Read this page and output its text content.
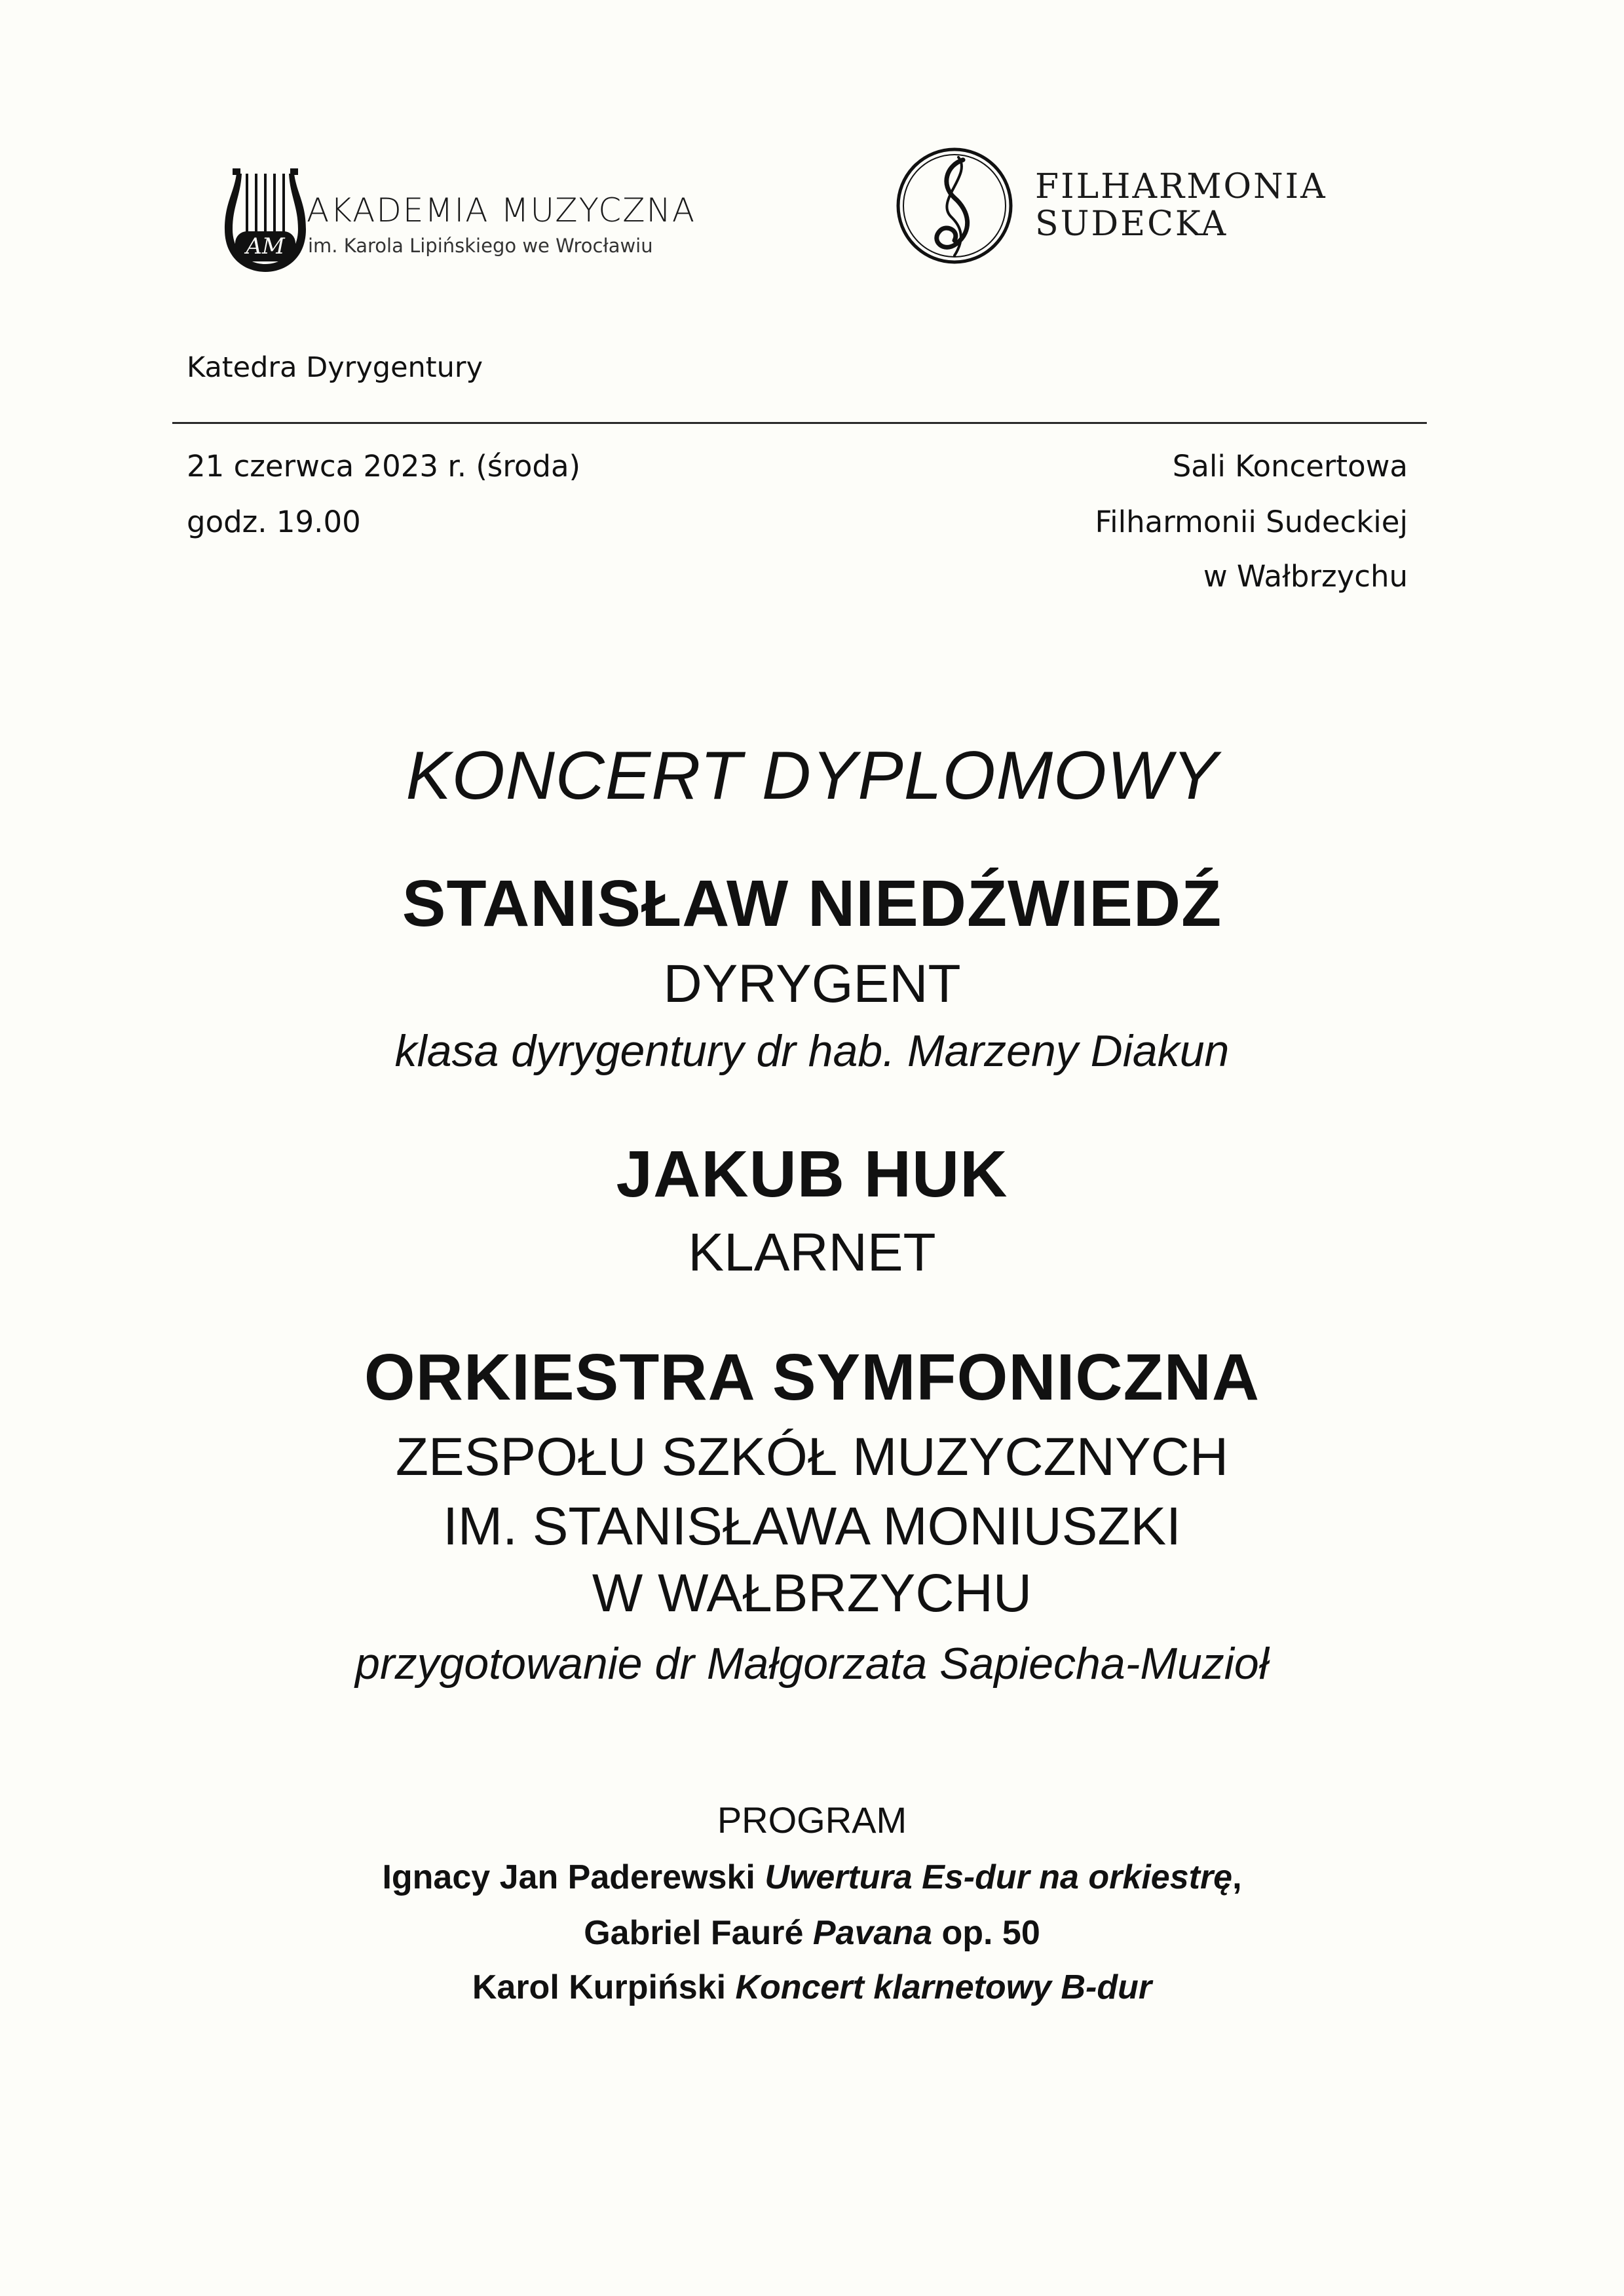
AM
AKADEMIA MUZYCZNA
im. Karola Lipińskiego we Wrocławiu
FILHARMONIA
SUDECKA
Katedra Dyrygentury
21 czerwca 2023 r. (środa)
godz. 19.00
Sali Koncertowa
Filharmonii Sudeckiej
w Wałbrzychu
KONCERT DYPLOMOWY
STANISŁAW NIEDŹWIEDŹ
DYRYGENT
klasa dyrygentury dr hab. Marzeny Diakun
JAKUB HUK
KLARNET
ORKIESTRA SYMFONICZNA
ZESPOŁU SZKÓŁ MUZYCZNYCH
IM. STANISŁAWA MONIUSZKI
W WAŁBRZYCHU
przygotowanie dr Małgorzata Sapiecha-Muzioł
PROGRAM
Ignacy Jan Paderewski Uwertura Es-dur na orkiestrę,
Gabriel Fauré Pavana op. 50
Karol Kurpiński Koncert klarnetowy B-dur
